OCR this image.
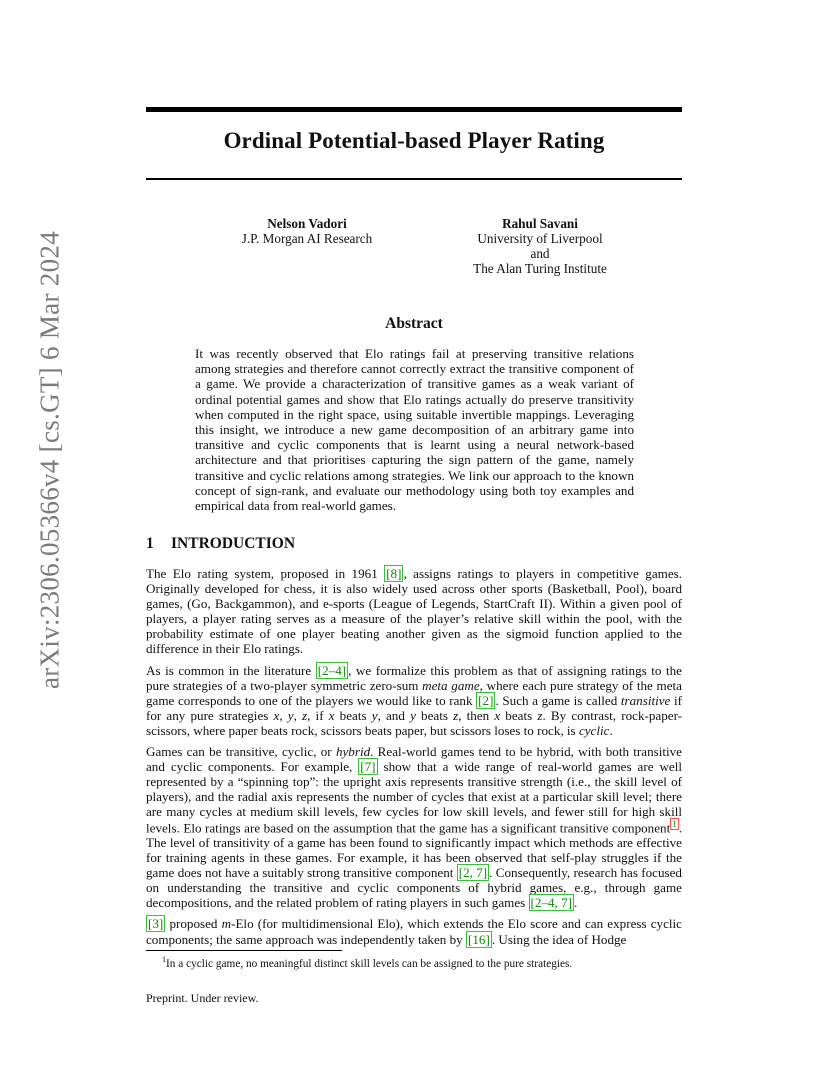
arXiv:2306.05366v4 [cs.GT] 6 Mar 2024
Ordinal Potential-based Player Rating
Nelson Vadori
J.P. Morgan AI Research
Rahul Savani
University of Liverpool
and
The Alan Turing Institute
Abstract
It was recently observed that Elo ratings fail at preserving transitive relations among strategies and therefore cannot correctly extract the transitive component of a game. We provide a characterization of transitive games as a weak variant of ordinal potential games and show that Elo ratings actually do preserve transitivity when computed in the right space, using suitable invertible mappings. Leveraging this insight, we introduce a new game decomposition of an arbitrary game into transitive and cyclic components that is learnt using a neural network-based architecture and that prioritises capturing the sign pattern of the game, namely transitive and cyclic relations among strategies. We link our approach to the known concept of sign-rank, and evaluate our methodology using both toy examples and empirical data from real-world games.
1 INTRODUCTION

The Elo rating system, proposed in 1961 [8] , assigns ratings to players in competitive games. Originally developed for chess, it is also widely used across other sports (Basketball, Pool), board games, (Go, Backgammon), and e-sports (League of Legends, StartCraft II). Within a given pool of players, a player rating serves as a measure of the player’s relative skill within the pool, with the probability estimate of one player beating another given as the sigmoid function applied to the difference in their Elo ratings.

As is common in the literature [2–4] , we formalize this problem as that of assigning ratings to the pure strategies of a two-player symmetric zero-sum meta game, where each pure strategy of the meta game corresponds to one of the players we would like to rank [2] . Such a game is called transitive if for any pure strategies x, y, z, if x beats y, and y beats z, then x beats z. By contrast, rock-paper-scissors, where paper beats rock, scissors beats paper, but scissors loses to rock, is cyclic.

Games can be transitive, cyclic, or hybrid. Real-world games tend to be hybrid, with both transitive and cyclic components. For example, [7] show that a wide range of real-world games are well represented by a “spinning top”: the upright axis represents transitive strength (i.e., the skill level of players), and the radial axis represents the number of cycles that exist at a particular skill level; there are many cycles at medium skill levels, few cycles for low skill levels, and fewer still for high skill levels. Elo ratings are based on the assumption that the game has a significant transitive component $^1$ . The level of transitivity of a game has been found to significantly impact which methods are effective for training agents in these games. For example, it has been observed that self-play struggles if the game does not have a suitably strong transitive component [2, 7] . Consequently, research has focused on understanding the transitive and cyclic components of hybrid games, e.g., through game decompositions, and the related problem of rating players in such games [2–4, 7] .

[3] proposed m-Elo (for multidimensional Elo), which extends the Elo score and can express cyclic components; the same approach was independently taken by [16] . Using the idea of Hodge

$^1$In a cyclic game, no meaningful distinct skill levels can be assigned to the pure strategies.
Preprint. Under review.
